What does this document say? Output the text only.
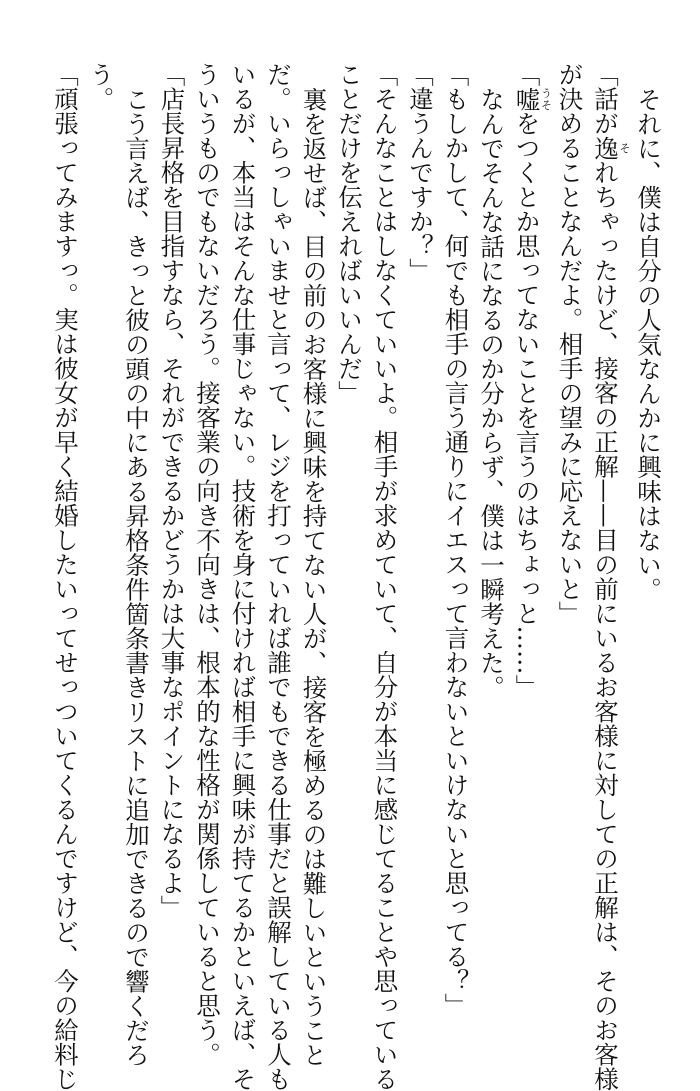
それに、僕は自分の人気なんかに興味はない。
「話が逸それちゃったけど、接客の正解——目の前にいるお客様に対しての正解は、そのお客様
が決めることなんだよ。相手の望みに応えないと」
「嘘うそをつくとか思ってないことを言うのはちょっと……」
なんでそんな話になるのか分からず、僕は一瞬考えた。
「もしかして、何でも相手の言う通りにイエスって言わないといけないと思ってる？」
「違うんですか？」
「そんなことはしなくていいよ。相手が求めていて、自分が本当に感じてることや思っている
ことだけを伝えればいいんだ」
裏を返せば、目の前のお客様に興味を持てない人が、接客を極めるのは難しいということ
だ。いらっしゃいませと言って、レジを打っていれば誰でもできる仕事だと誤解している人も
いるが、本当はそんな仕事じゃない。技術を身に付ければ相手に興味が持てるかといえば、そ
ういうものでもないだろう。接客業の向き不向きは、根本的な性格が関係していると思う。
「店長昇格を目指すなら、それができるかどうかは大事なポイントになるよ」
こう言えば、きっと彼の頭の中にある昇格条件箇条書きリストに追加できるので響くだろ
う。
「頑張ってみますっ。実は彼女が早く結婚したいってせっついてくるんですけど、今の給料じ
